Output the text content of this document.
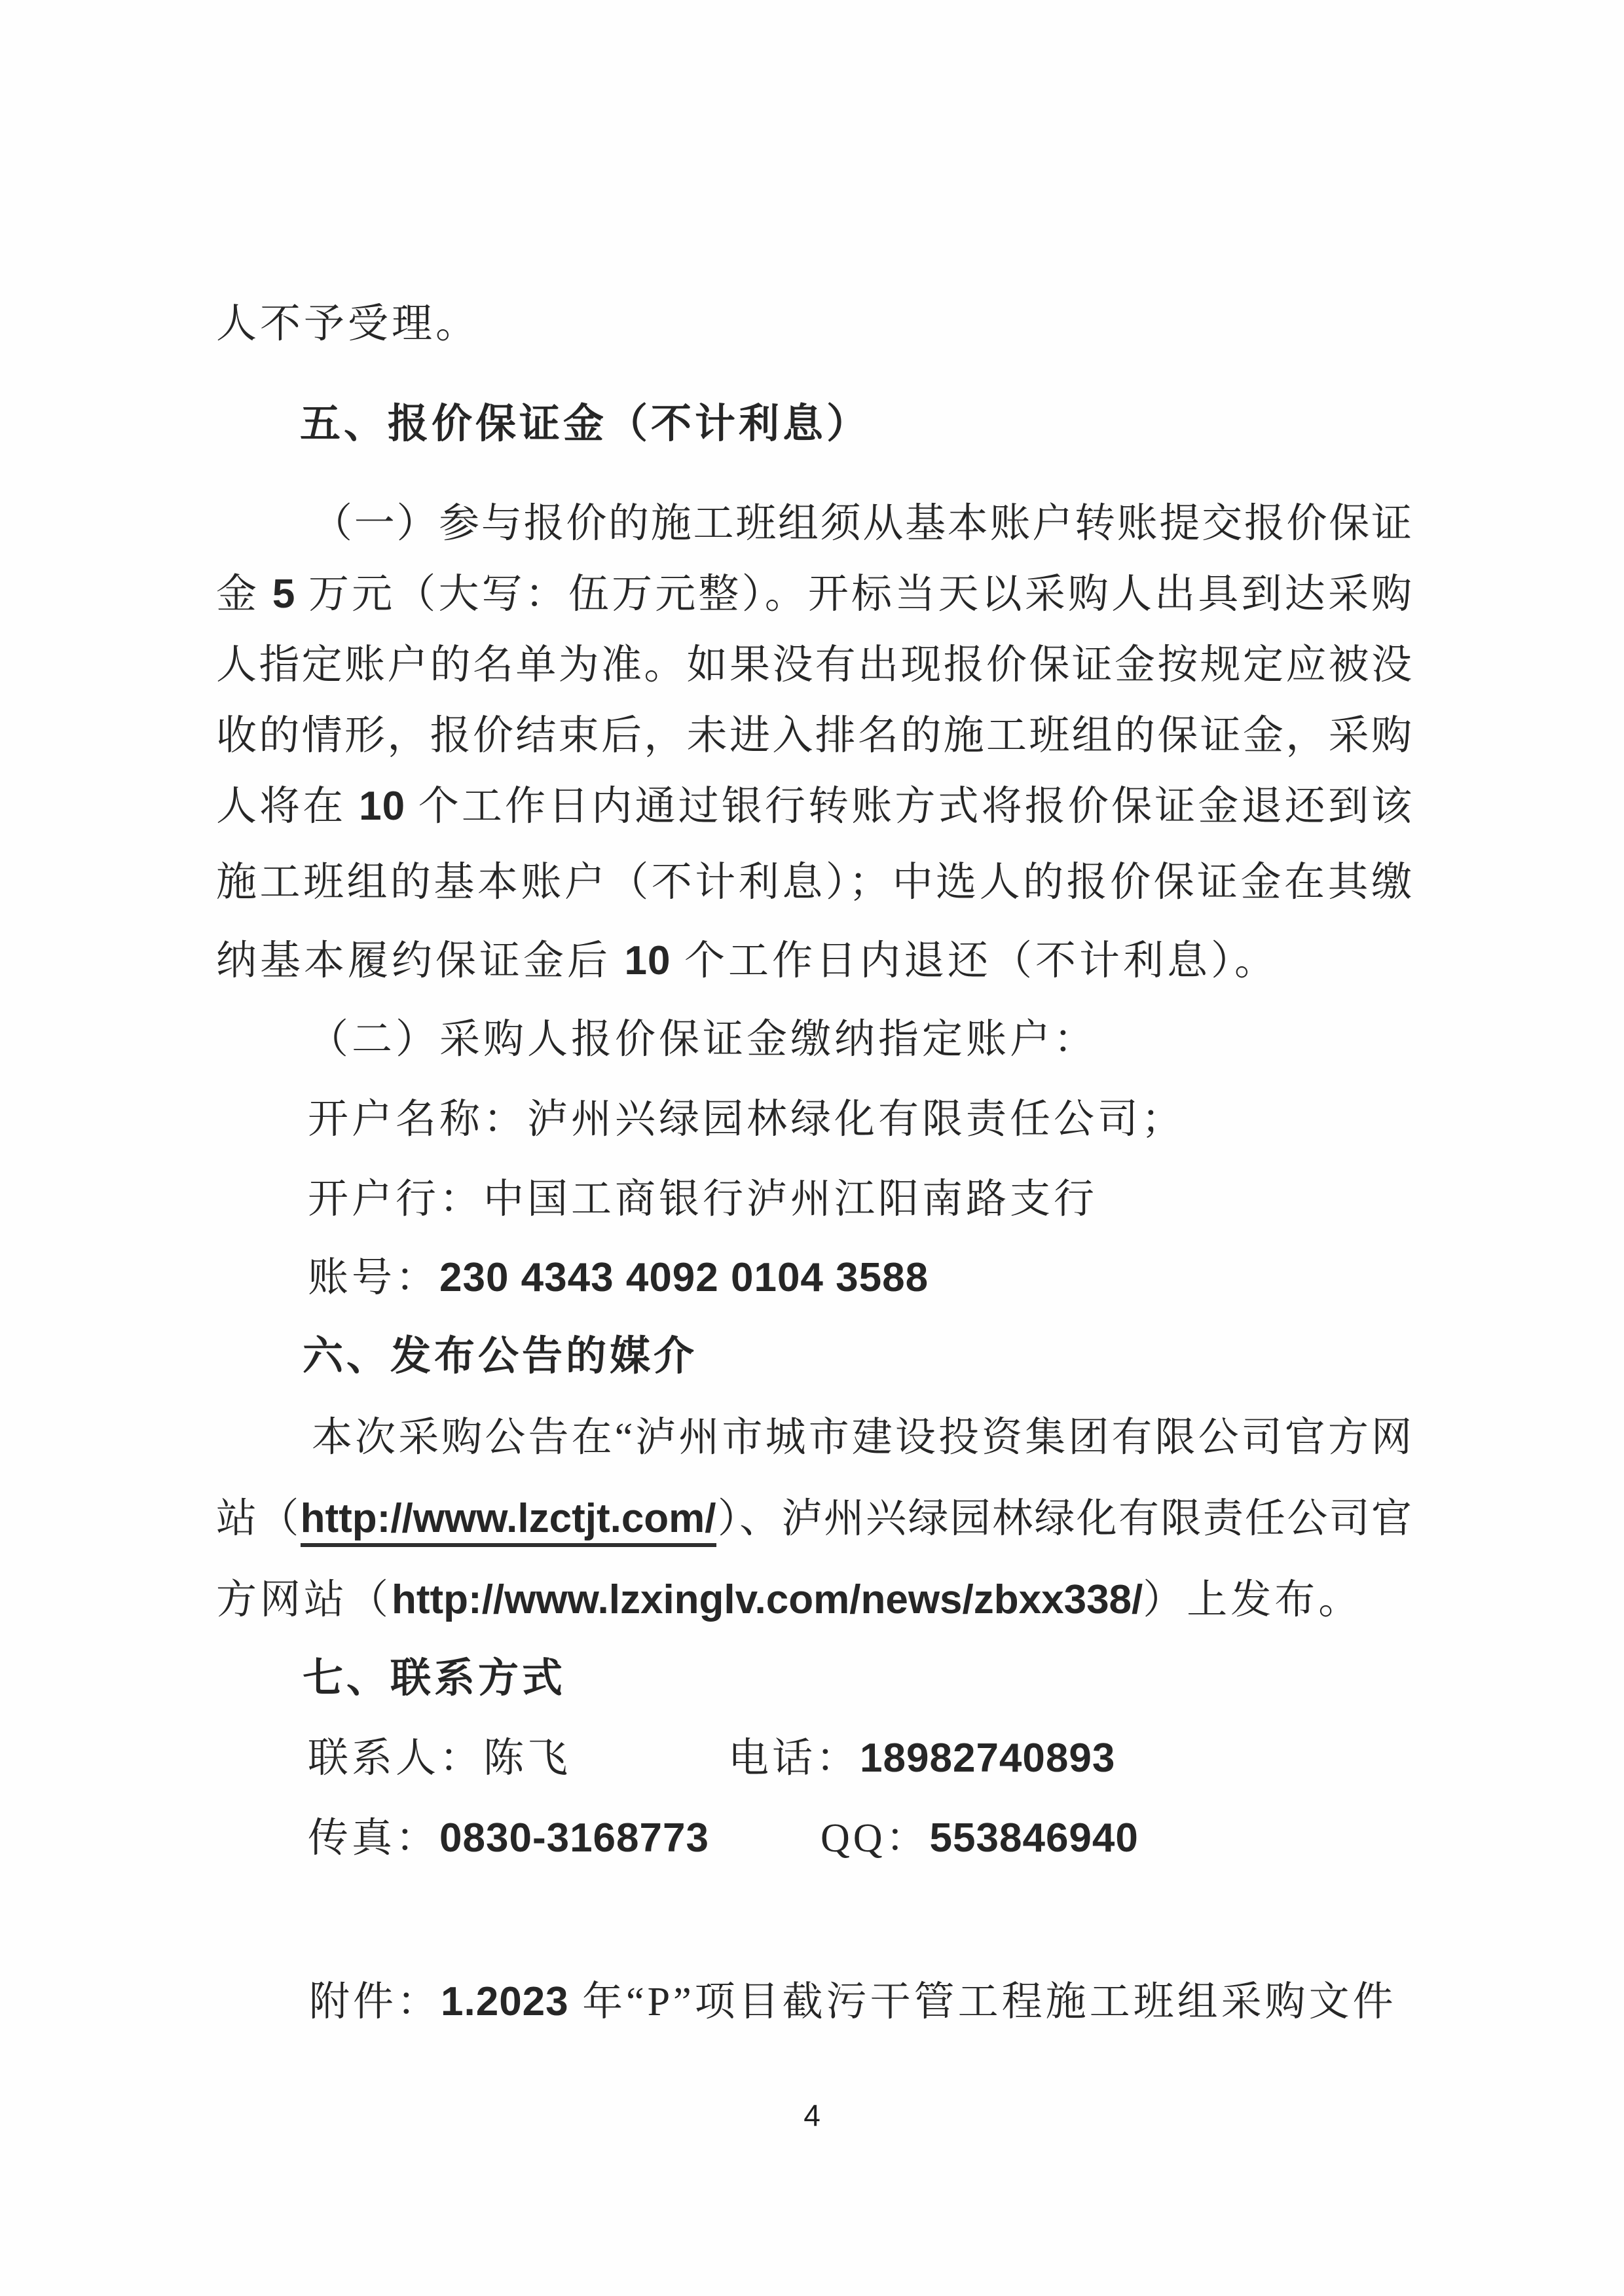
人不予受理。
五、报价保证金（不计利息）
（一）参与报价的施工班组须从基本账户转账提交报价保证
金 5 万元（大写：伍万元整）。开标当天以采购人出具到达采购
人指定账户的名单为准。如果没有出现报价保证金按规定应被没
收的情形，报价结束后，未进入排名的施工班组的保证金，采购
人将在 10 个工作日内通过银行转账方式将报价保证金退还到该
施工班组的基本账户（不计利息）；中选人的报价保证金在其缴
纳基本履约保证金后 10 个工作日内退还（不计利息）。
（二）采购人报价保证金缴纳指定账户：
开户名称：泸州兴绿园林绿化有限责任公司；
开户行：中国工商银行泸州江阳南路支行
账号：230 4343 4092 0104 3588
六、发布公告的媒介
本次采购公告在“泸州市城市建设投资集团有限公司官方网
站（http://www.lzctjt.com/）、泸州兴绿园林绿化有限责任公司官
方网站（http://www.lzxinglv.com/news/zbxx338/）上发布。
七、联系方式
联系人：陈飞	电话：18982740893
传真：0830-3168773	QQ：553846940
附件：1.2023 年“P”项目截污干管工程施工班组采购文件
4
